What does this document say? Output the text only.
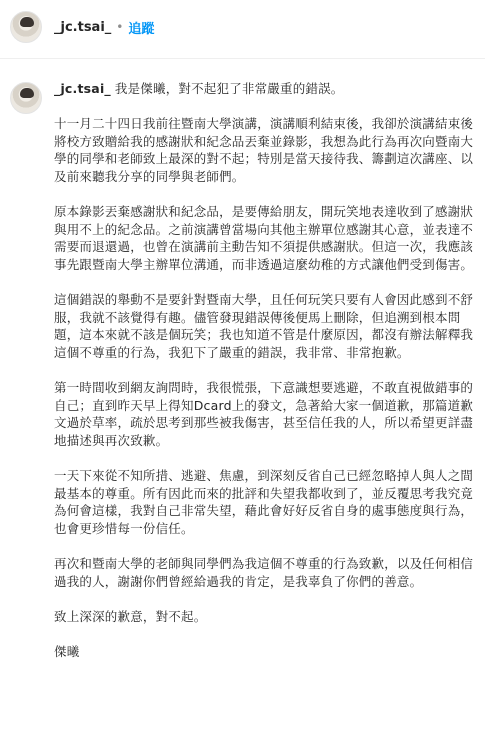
_jc.tsai_ • 追蹤

_jc.tsai_ 我是傑曦，對不起犯了非常嚴重的錯誤。

十一月二十四日我前往暨南大學演講，演講順利結束後，我卻於演講結束後將校方致贈給我的感謝狀和紀念品丟棄並錄影，我想為此行為再次向暨南大學的同學和老師致上最深的對不起；特別是當天接待我、籌劃這次講座、以及前來聽我分享的同學與老師們。

原本錄影丟棄感謝狀和紀念品，是要傳給朋友，開玩笑地表達收到了感謝狀與用不上的紀念品。之前演講曾當場向其他主辦單位感謝其心意，並表達不需要而退還過，也曾在演講前主動告知不須提供感謝狀。但這一次，我應該事先跟暨南大學主辦單位溝通，而非透過這麼幼稚的方式讓他們受到傷害。

這個錯誤的舉動不是要針對暨南大學，且任何玩笑只要有人會因此感到不舒服，我就不該覺得有趣。儘管發現錯誤傳後便馬上刪除，但追溯到根本問題，這本來就不該是個玩笑；我也知道不管是什麼原因，都沒有辦法解釋我這個不尊重的行為，我犯下了嚴重的錯誤，我非常、非常抱歉。

第一時間收到網友詢問時，我很慌張，下意識想要逃避，不敢直視做錯事的自己；直到昨天早上得知Dcard上的發文，急著給大家一個道歉，那篇道歉文過於草率，疏於思考到那些被我傷害，甚至信任我的人，所以希望更詳盡地描述與再次致歉。

一天下來從不知所措、逃避、焦慮，到深刻反省自己已經忽略掉人與人之間最基本的尊重。所有因此而來的批評和失望我都收到了，並反覆思考我究竟為何會這樣，我對自己非常失望，藉此會好好反省自身的處事態度與行為，也會更珍惜每一份信任。

再次和暨南大學的老師與同學們為我這個不尊重的行為致歉，以及任何相信過我的人，謝謝你們曾經給過我的肯定，是我辜負了你們的善意。

致上深深的歉意，對不起。

傑曦
